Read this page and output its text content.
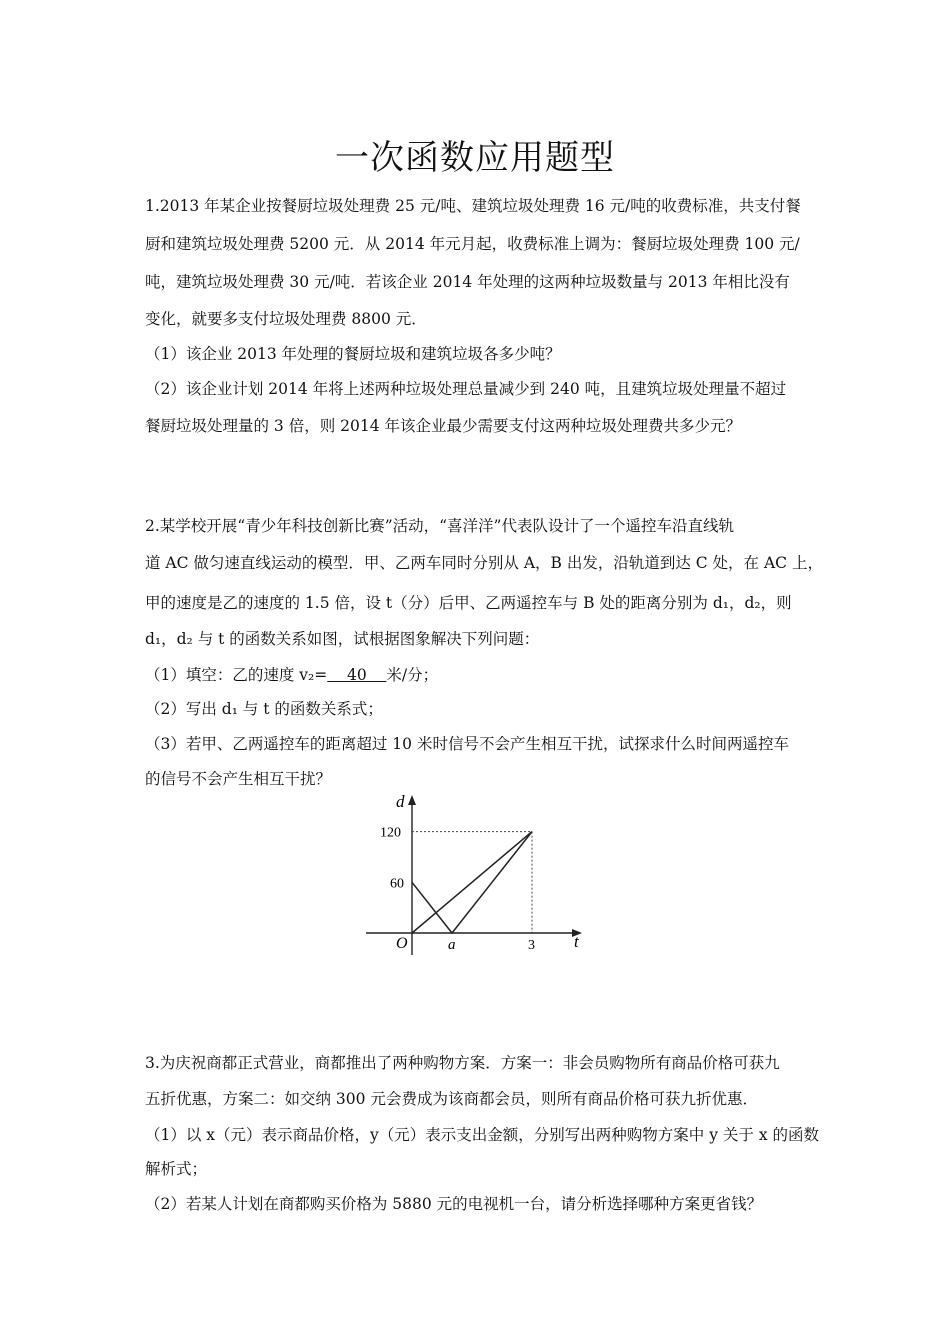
一次函数应用题型
1.2013 年某企业按餐厨垃圾处理费 25 元/吨、建筑垃圾处理费 16 元/吨的收费标准，共支付餐
厨和建筑垃圾处理费 5200 元．从 2014 年元月起，收费标准上调为：餐厨垃圾处理费 100 元/
吨，建筑垃圾处理费 30 元/吨．若该企业 2014 年处理的这两种垃圾数量与 2013 年相比没有
变化，就要多支付垃圾处理费 8800 元．
（1）该企业 2013 年处理的餐厨垃圾和建筑垃圾各多少吨？
（2）该企业计划 2014 年将上述两种垃圾处理总量减少到 240 吨，且建筑垃圾处理量不超过
餐厨垃圾处理量的 3 倍，则 2014 年该企业最少需要支付这两种垃圾处理费共多少元？
2.某学校开展“青少年科技创新比赛”活动，“喜洋洋”代表队设计了一个遥控车沿直线轨
道 AC 做匀速直线运动的模型．甲、乙两车同时分别从 A，B 出发，沿轨道到达 C 处，在 AC 上，
甲的速度是乙的速度的 1.5 倍，设 t（分）后甲、乙两遥控车与 B 处的距离分别为 d₁，d₂，则
d₁，d₂ 与 t 的函数关系如图，试根据图象解决下列问题：
（1）填空：乙的速度 v₂=    40    米/分；
（2）写出 d₁ 与 t 的函数关系式；
（3）若甲、乙两遥控车的距离超过 10 米时信号不会产生相互干扰，试探求什么时间两遥控车
的信号不会产生相互干扰？
d
t
O
120
60
a	3
3.为庆祝商都正式营业，商都推出了两种购物方案．方案一：非会员购物所有商品价格可获九
五折优惠，方案二：如交纳 300 元会费成为该商都会员，则所有商品价格可获九折优惠．
（1）以 x（元）表示商品价格，y（元）表示支出金额，分别写出两种购物方案中 y 关于 x 的函数
解析式；
（2）若某人计划在商都购买价格为 5880 元的电视机一台，请分析选择哪种方案更省钱？
